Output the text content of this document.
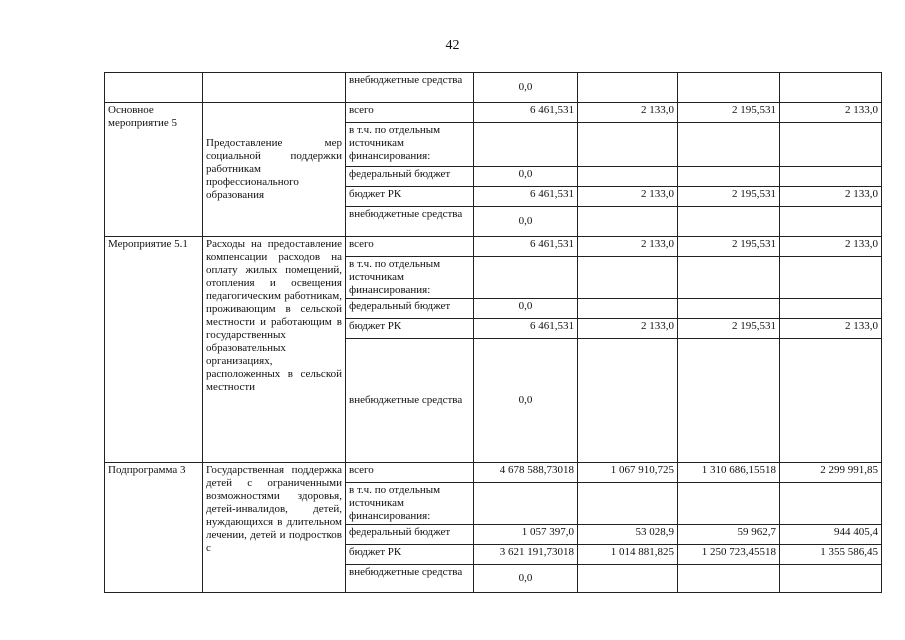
42
		внебюджетные средства	0,0			
Основное мероприятие 5	Предоставление мер социальной поддержки работникам профессионального образования	всего	6 461,531	2 133,0	2 195,531	2 133,0
		в т.ч. по отдельным источникам финансирования:				
		федеральный бюджет	0,0			
		бюджет РК	6 461,531	2 133,0	2 195,531	2 133,0
		внебюджетные средства	0,0			
Мероприятие 5.1	Расходы на предоставление компенсации расходов на оплату жилых помещений, отопления и освещения педагогическим работникам, проживающим в сельской местности и работающим в государственных образовательных организациях, расположенных в сельской местности	всего	6 461,531	2 133,0	2 195,531	2 133,0
		в т.ч. по отдельным источникам финансирования:				
		федеральный бюджет	0,0			
		бюджет РК	6 461,531	2 133,0	2 195,531	2 133,0
		внебюджетные средства	0,0			
Подпрограмма 3	Государственная поддержка детей с ограниченными возможностями здоровья, детей-инвалидов, детей, нуждающихся в длительном лечении, детей и подростков с	всего	4 678 588,73018	1 067 910,725	1 310 686,15518	2 299 991,85
		в т.ч. по отдельным источникам финансирования:				
		федеральный бюджет	1 057 397,0	53 028,9	59 962,7	944 405,4
		бюджет РК	3 621 191,73018	1 014 881,825	1 250 723,45518	1 355 586,45
		внебюджетные средства	0,0			
